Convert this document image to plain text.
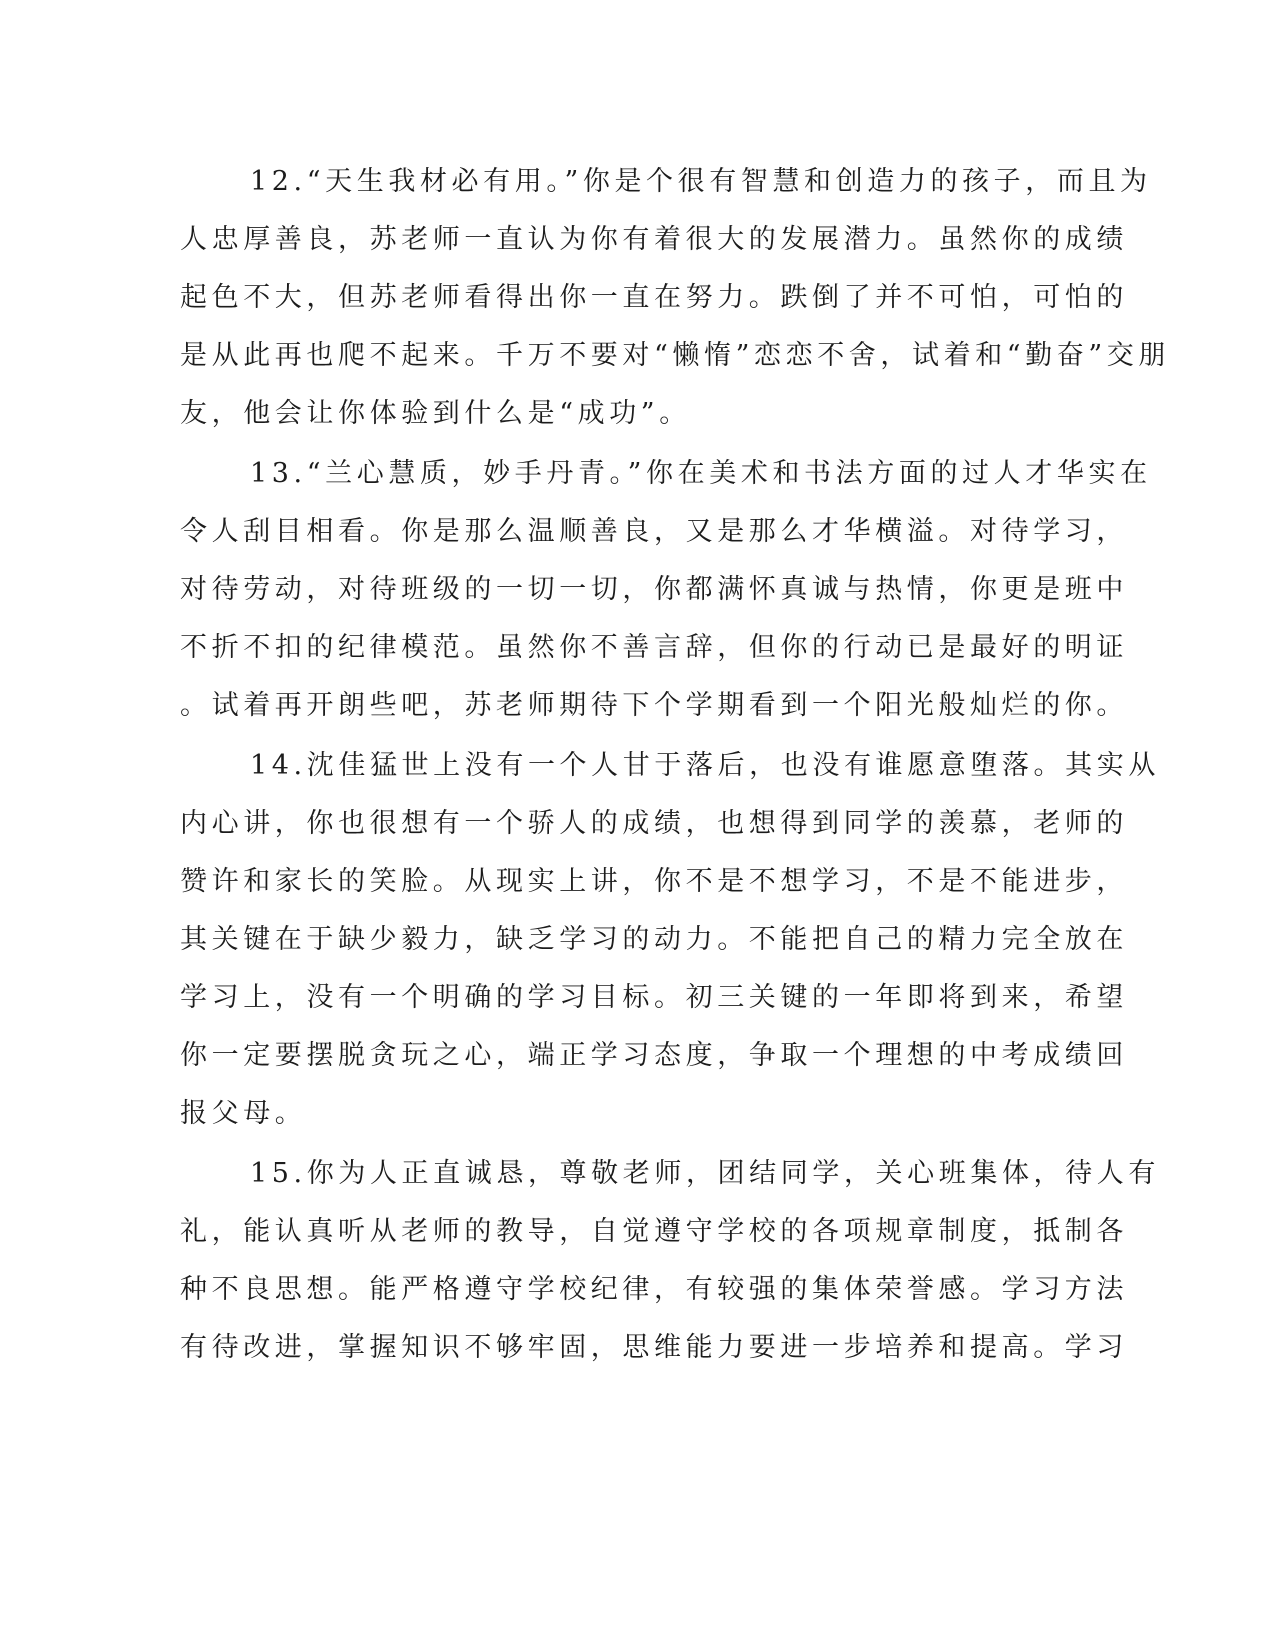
12.“天生我材必有用。”你是个很有智慧和创造力的孩子，而且为
人忠厚善良，苏老师一直认为你有着很大的发展潜力。虽然你的成绩
起色不大，但苏老师看得出你一直在努力。跌倒了并不可怕，可怕的
是从此再也爬不起来。千万不要对“懒惰”恋恋不舍，试着和“勤奋”交朋
友，他会让你体验到什么是“成功”。
13.“兰心慧质，妙手丹青。”你在美术和书法方面的过人才华实在
令人刮目相看。你是那么温顺善良，又是那么才华横溢。对待学习，
对待劳动，对待班级的一切一切，你都满怀真诚与热情，你更是班中
不折不扣的纪律模范。虽然你不善言辞，但你的行动已是最好的明证
。试着再开朗些吧，苏老师期待下个学期看到一个阳光般灿烂的你。
14.沈佳猛世上没有一个人甘于落后，也没有谁愿意堕落。其实从
内心讲，你也很想有一个骄人的成绩，也想得到同学的羡慕，老师的
赞许和家长的笑脸。从现实上讲，你不是不想学习，不是不能进步，
其关键在于缺少毅力，缺乏学习的动力。不能把自己的精力完全放在
学习上，没有一个明确的学习目标。初三关键的一年即将到来，希望
你一定要摆脱贪玩之心，端正学习态度，争取一个理想的中考成绩回
报父母。
15.你为人正直诚恳，尊敬老师，团结同学，关心班集体，待人有
礼，能认真听从老师的教导，自觉遵守学校的各项规章制度，抵制各
种不良思想。能严格遵守学校纪律，有较强的集体荣誉感。学习方法
有待改进，掌握知识不够牢固，思维能力要进一步培养和提高。学习
